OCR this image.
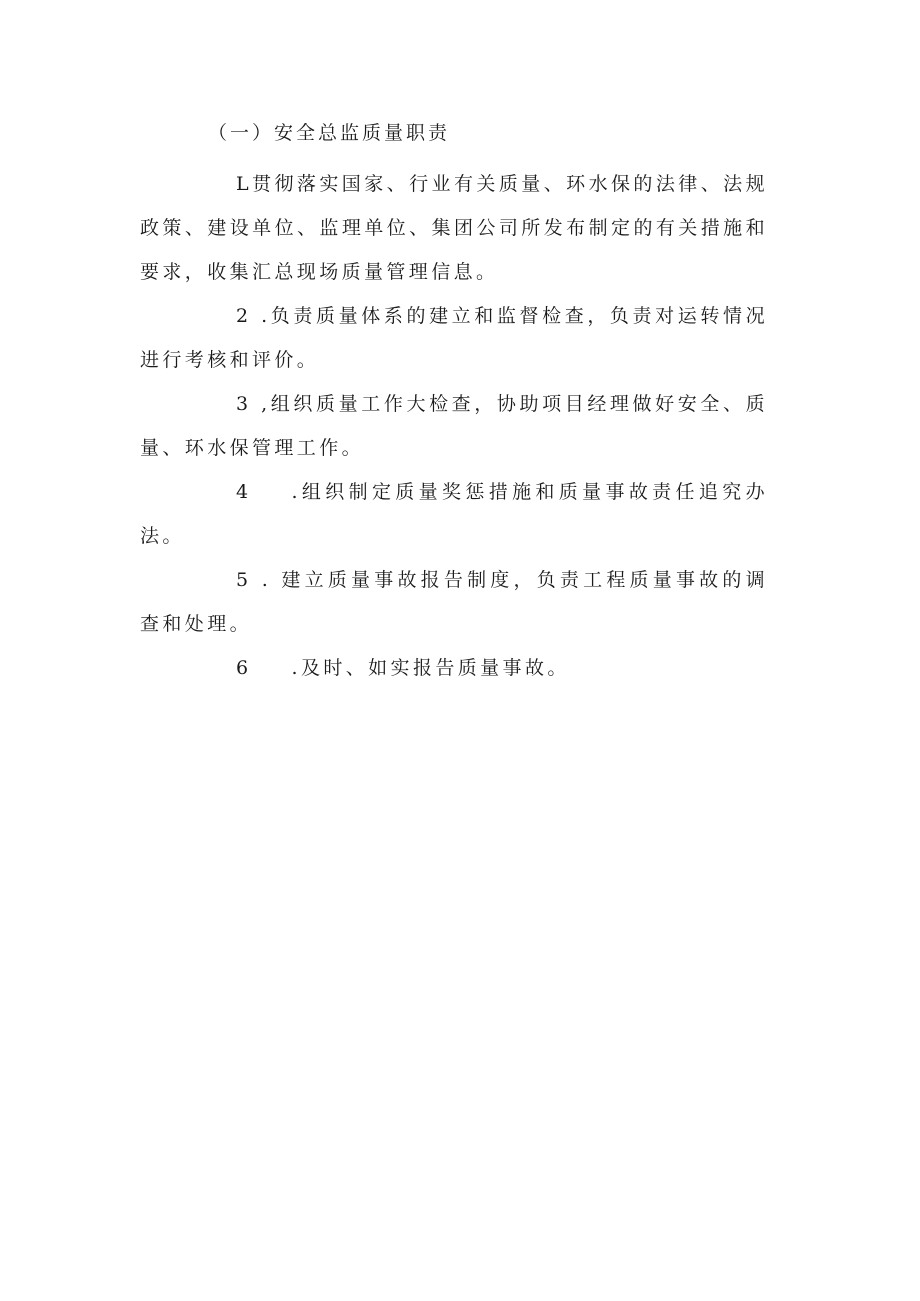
（一）安全总监质量职责

L贯彻落实国家、行业有关质量、环水保的法律、法规政策、建设单位、监理单位、集团公司所发布制定的有关措施和要求，收集汇总现场质量管理信息。

2 .负责质量体系的建立和监督检查，负责对运转情况进行考核和评价。

3 ,组织质量工作大检查，协助项目经理做好安全、质量、环水保管理工作。

4 .组织制定质量奖惩措施和质量事故责任追究办法。

5 . 建立质量事故报告制度，负责工程质量事故的调查和处理。

6 .及时、如实报告质量事故。
